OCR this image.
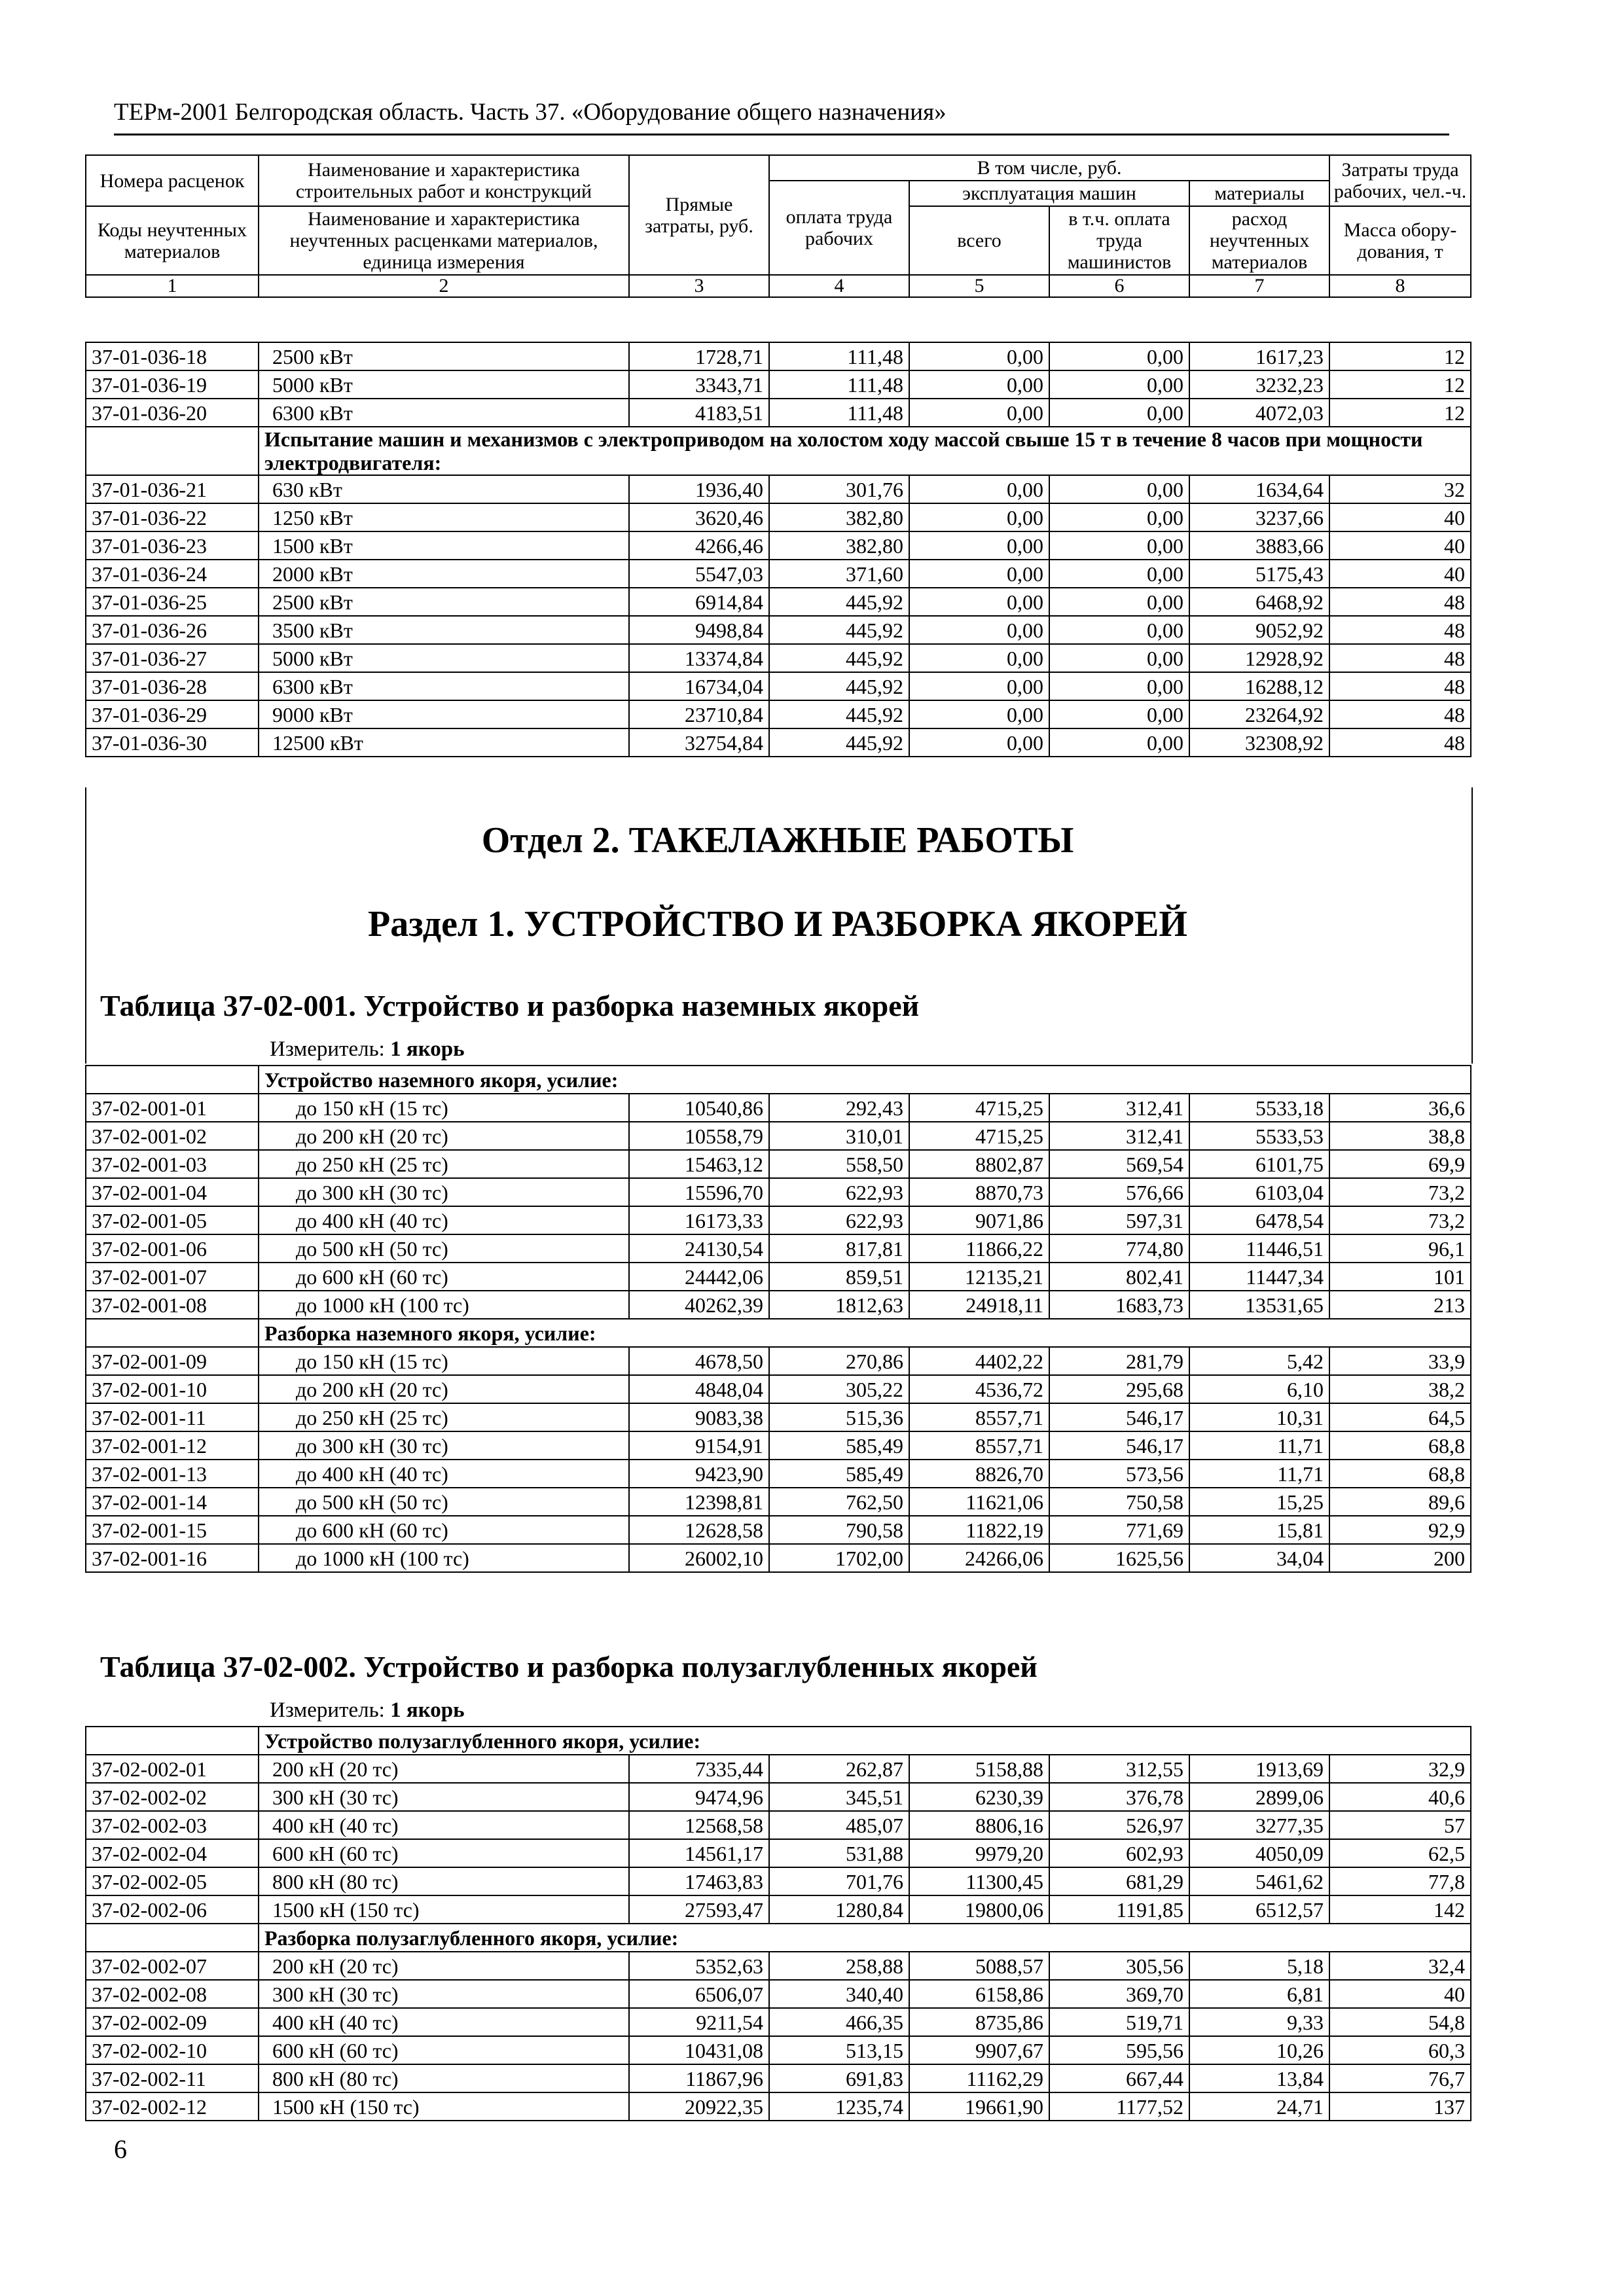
ТЕРм-2001 Белгородская область. Часть 37. «Оборудование общего назначения»
Номера расценок	Наименование и характеристика строительных работ и конструкций	Прямые затраты, руб.	В том числе, руб.				Затраты труда рабочих, чел.-ч.
			оплата труда рабочих	эксплуатация машин		материалы	
Коды неучтенных материалов	Наименование и характеристика неучтенных расценками материалов, единица измерения			всего	в т.ч. оплата труда машинистов	расход неучтенных материалов	
							Масса обору-дования, т
1	2	3	4	5	6	7	8
37-01-036-18	2500 кВт	1728,71	111,48	0,00	0,00	1617,23	12
37-01-036-19	5000 кВт	3343,71	111,48	0,00	0,00	3232,23	12
37-01-036-20	6300 кВт	4183,51	111,48	0,00	0,00	4072,03	12
	Испытание машин и механизмов с электроприводом на холостом ходу массой свыше 15 т в течение 8 часов при мощности электродвигателя:						
37-01-036-21	630 кВт	1936,40	301,76	0,00	0,00	1634,64	32
37-01-036-22	1250 кВт	3620,46	382,80	0,00	0,00	3237,66	40
37-01-036-23	1500 кВт	4266,46	382,80	0,00	0,00	3883,66	40
37-01-036-24	2000 кВт	5547,03	371,60	0,00	0,00	5175,43	40
37-01-036-25	2500 кВт	6914,84	445,92	0,00	0,00	6468,92	48
37-01-036-26	3500 кВт	9498,84	445,92	0,00	0,00	9052,92	48
37-01-036-27	5000 кВт	13374,84	445,92	0,00	0,00	12928,92	48
37-01-036-28	6300 кВт	16734,04	445,92	0,00	0,00	16288,12	48
37-01-036-29	9000 кВт	23710,84	445,92	0,00	0,00	23264,92	48
37-01-036-30	12500 кВт	32754,84	445,92	0,00	0,00	32308,92	48
Отдел 2. ТАКЕЛАЖНЫЕ РАБОТЫ
Раздел 1. УСТРОЙСТВО И РАЗБОРКА ЯКОРЕЙ
Таблица 37-02-001. Устройство и разборка наземных якорей
Измеритель: 1 якорь
	Устройство наземного якоря, усилие:						
37-02-001-01	до 150 кН (15 тс)	10540,86	292,43	4715,25	312,41	5533,18	36,6
37-02-001-02	до 200 кН (20 тс)	10558,79	310,01	4715,25	312,41	5533,53	38,8
37-02-001-03	до 250 кН (25 тс)	15463,12	558,50	8802,87	569,54	6101,75	69,9
37-02-001-04	до 300 кН (30 тс)	15596,70	622,93	8870,73	576,66	6103,04	73,2
37-02-001-05	до 400 кН (40 тс)	16173,33	622,93	9071,86	597,31	6478,54	73,2
37-02-001-06	до 500 кН (50 тс)	24130,54	817,81	11866,22	774,80	11446,51	96,1
37-02-001-07	до 600 кН (60 тс)	24442,06	859,51	12135,21	802,41	11447,34	101
37-02-001-08	до 1000 кН (100 тс)	40262,39	1812,63	24918,11	1683,73	13531,65	213
	Разборка наземного якоря, усилие:						
37-02-001-09	до 150 кН (15 тс)	4678,50	270,86	4402,22	281,79	5,42	33,9
37-02-001-10	до 200 кН (20 тс)	4848,04	305,22	4536,72	295,68	6,10	38,2
37-02-001-11	до 250 кН (25 тс)	9083,38	515,36	8557,71	546,17	10,31	64,5
37-02-001-12	до 300 кН (30 тс)	9154,91	585,49	8557,71	546,17	11,71	68,8
37-02-001-13	до 400 кН (40 тс)	9423,90	585,49	8826,70	573,56	11,71	68,8
37-02-001-14	до 500 кН (50 тс)	12398,81	762,50	11621,06	750,58	15,25	89,6
37-02-001-15	до 600 кН (60 тс)	12628,58	790,58	11822,19	771,69	15,81	92,9
37-02-001-16	до 1000 кН (100 тс)	26002,10	1702,00	24266,06	1625,56	34,04	200
Таблица 37-02-002. Устройство и разборка полузаглубленных якорей
Измеритель: 1 якорь
	Устройство полузаглубленного якоря, усилие:						
37-02-002-01	200 кН (20 тс)	7335,44	262,87	5158,88	312,55	1913,69	32,9
37-02-002-02	300 кН (30 тс)	9474,96	345,51	6230,39	376,78	2899,06	40,6
37-02-002-03	400 кН (40 тс)	12568,58	485,07	8806,16	526,97	3277,35	57
37-02-002-04	600 кН (60 тс)	14561,17	531,88	9979,20	602,93	4050,09	62,5
37-02-002-05	800 кН (80 тс)	17463,83	701,76	11300,45	681,29	5461,62	77,8
37-02-002-06	1500 кН (150 тс)	27593,47	1280,84	19800,06	1191,85	6512,57	142
	Разборка полузаглубленного якоря, усилие:						
37-02-002-07	200 кН (20 тс)	5352,63	258,88	5088,57	305,56	5,18	32,4
37-02-002-08	300 кН (30 тс)	6506,07	340,40	6158,86	369,70	6,81	40
37-02-002-09	400 кН (40 тс)	9211,54	466,35	8735,86	519,71	9,33	54,8
37-02-002-10	600 кН (60 тс)	10431,08	513,15	9907,67	595,56	10,26	60,3
37-02-002-11	800 кН (80 тс)	11867,96	691,83	11162,29	667,44	13,84	76,7
37-02-002-12	1500 кН (150 тс)	20922,35	1235,74	19661,90	1177,52	24,71	137
6
